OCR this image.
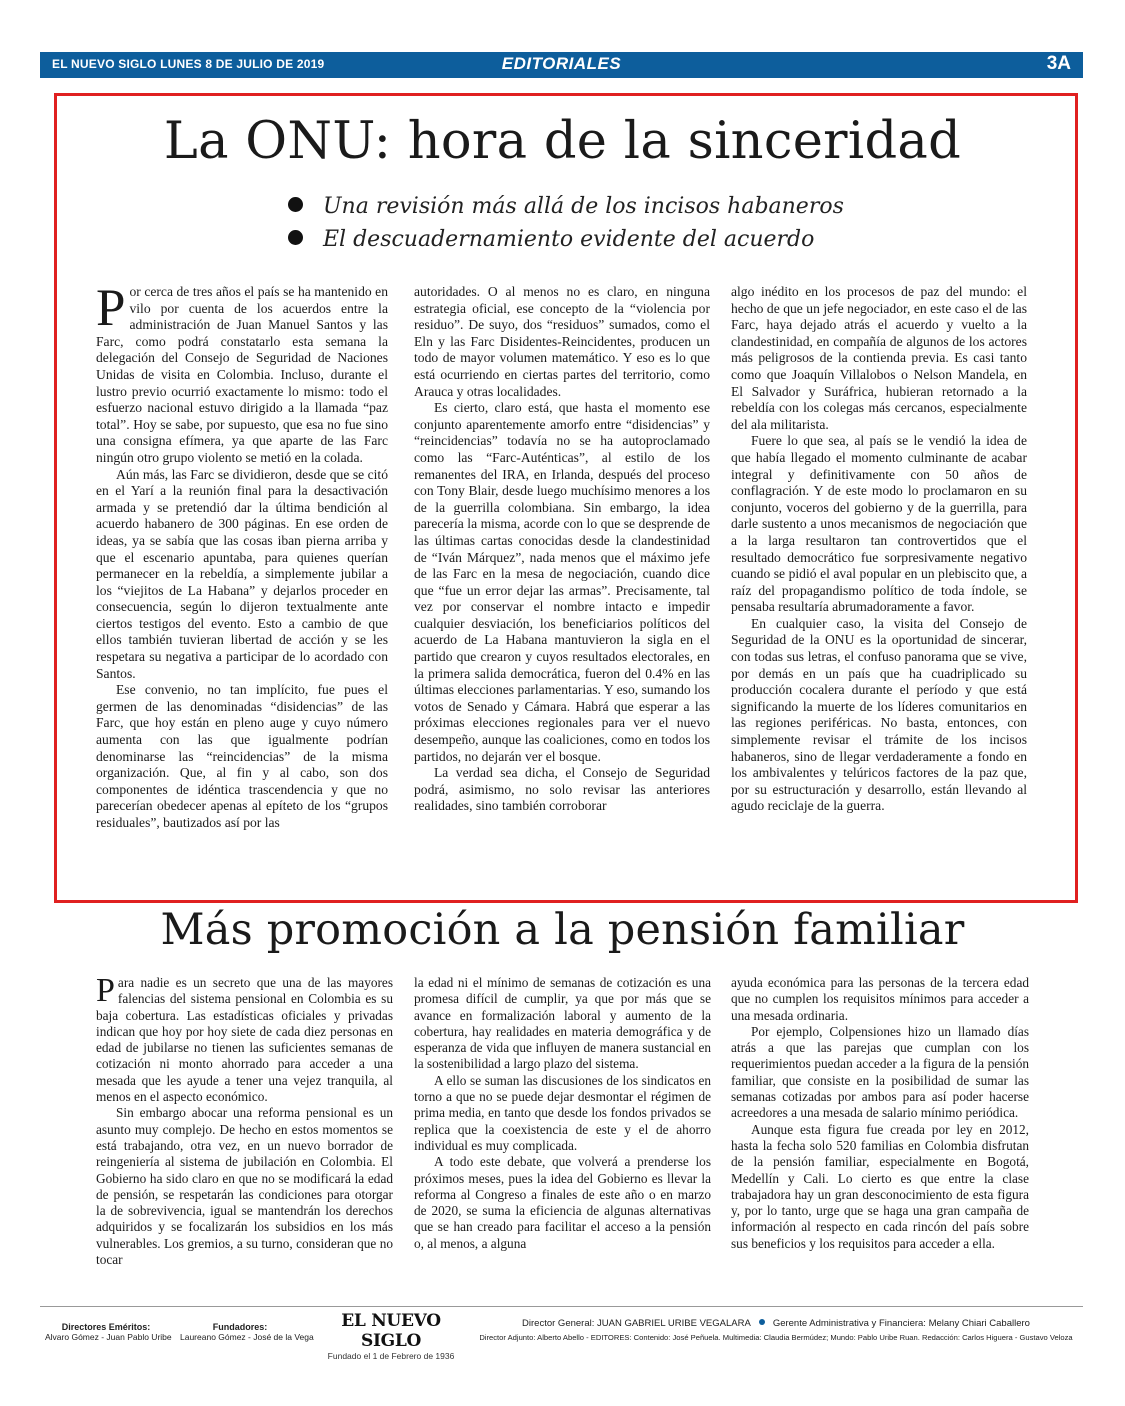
EL NUEVO SIGLO LUNES 8 DE JULIO DE 2019	EDITORIALES	3A
La ONU: hora de la sinceridad
Una revisión más allá de los incisos habaneros
El descuadernamiento evidente del acuerdo

Por cerca de tres años el país se ha mantenido en vilo por cuenta de los acuerdos entre la administración de Juan Manuel Santos y las Farc, como podrá constatarlo esta semana la delegación del Consejo de Seguridad de Naciones Unidas de visita en Colombia. Incluso, durante el lustro previo ocurrió exactamente lo mismo: todo el esfuerzo nacional estuvo dirigido a la llamada “paz total”. Hoy se sabe, por supuesto, que esa no fue sino una consigna efímera, ya que aparte de las Farc ningún otro grupo violento se metió en la colada.

Aún más, las Farc se dividieron, desde que se citó en el Yarí a la reunión final para la desactivación armada y se pretendió dar la última bendición al acuerdo habanero de 300 páginas. En ese orden de ideas, ya se sabía que las cosas iban pierna arriba y que el escenario apuntaba, para quienes querían permanecer en la rebeldía, a simplemente jubilar a los “viejitos de La Habana” y dejarlos proceder en consecuencia, según lo dijeron textualmente ante ciertos testigos del evento. Esto a cambio de que ellos también tuvieran libertad de acción y se les respetara su negativa a participar de lo acordado con Santos.

Ese convenio, no tan implícito, fue pues el germen de las denominadas “disidencias” de las Farc, que hoy están en pleno auge y cuyo número aumenta con las que igualmente podrían denominarse las “reincidencias” de la misma organización. Que, al fin y al cabo, son dos componentes de idéntica trascendencia y que no parecerían obedecer apenas al epíteto de los “grupos residuales”, bautizados así por las

autoridades. O al menos no es claro, en ninguna estrategia oficial, ese concepto de la “violencia por residuo”. De suyo, dos “residuos” sumados, como el Eln y las Farc Disidentes-Reincidentes, producen un todo de mayor volumen matemático. Y eso es lo que está ocurriendo en ciertas partes del territorio, como Arauca y otras localidades.

Es cierto, claro está, que hasta el momento ese conjunto aparentemente amorfo entre “disidencias” y “reincidencias” todavía no se ha autoproclamado como las “Farc-Auténticas”, al estilo de los remanentes del IRA, en Irlanda, después del proceso con Tony Blair, desde luego muchísimo menores a los de la guerrilla colombiana. Sin embargo, la idea parecería la misma, acorde con lo que se desprende de las últimas cartas conocidas desde la clandestinidad de “Iván Márquez”, nada menos que el máximo jefe de las Farc en la mesa de negociación, cuando dice que “fue un error dejar las armas”. Precisamente, tal vez por conservar el nombre intacto e impedir cualquier desviación, los beneficiarios políticos del acuerdo de La Habana mantuvieron la sigla en el partido que crearon y cuyos resultados electorales, en la primera salida democrática, fueron del 0.4% en las últimas elecciones parlamentarias. Y eso, sumando los votos de Senado y Cámara. Habrá que esperar a las próximas elecciones regionales para ver el nuevo desempeño, aunque las coaliciones, como en todos los partidos, no dejarán ver el bosque.

La verdad sea dicha, el Consejo de Seguridad podrá, asimismo, no solo revisar las anteriores realidades, sino también corroborar

algo inédito en los procesos de paz del mundo: el hecho de que un jefe negociador, en este caso el de las Farc, haya dejado atrás el acuerdo y vuelto a la clandestinidad, en compañía de algunos de los actores más peligrosos de la contienda previa. Es casi tanto como que Joaquín Villalobos o Nelson Mandela, en El Salvador y Suráfrica, hubieran retornado a la rebeldía con los colegas más cercanos, especialmente del ala militarista.

Fuere lo que sea, al país se le vendió la idea de que había llegado el momento culminante de acabar integral y definitivamente con 50 años de conflagración. Y de este modo lo proclamaron en su conjunto, voceros del gobierno y de la guerrilla, para darle sustento a unos mecanismos de negociación que a la larga resultaron tan controvertidos que el resultado democrático fue sorpresivamente negativo cuando se pidió el aval popular en un plebiscito que, a raíz del propagandismo político de toda índole, se pensaba resultaría abrumadoramente a favor.

En cualquier caso, la visita del Consejo de Seguridad de la ONU es la oportunidad de sincerar, con todas sus letras, el confuso panorama que se vive, por demás en un país que ha cuadriplicado su producción cocalera durante el período y que está significando la muerte de los líderes comunitarios en las regiones periféricas. No basta, entonces, con simplemente revisar el trámite de los incisos habaneros, sino de llegar verdaderamente a fondo en los ambivalentes y telúricos factores de la paz que, por su estructuración y desarrollo, están llevando al agudo reciclaje de la guerra.

Más promoción a la pensión familiar

Para nadie es un secreto que una de las mayores falencias del sistema pensional en Colombia es su baja cobertura. Las estadísticas oficiales y privadas indican que hoy por hoy siete de cada diez personas en edad de jubilarse no tienen las suficientes semanas de cotización ni monto ahorrado para acceder a una mesada que les ayude a tener una vejez tranquila, al menos en el aspecto económico.

Sin embargo abocar una reforma pensional es un asunto muy complejo. De hecho en estos momentos se está trabajando, otra vez, en un nuevo borrador de reingeniería al sistema de jubilación en Colombia. El Gobierno ha sido claro en que no se modificará la edad de pensión, se respetarán las condiciones para otorgar la de sobrevivencia, igual se mantendrán los derechos adquiridos y se focalizarán los subsidios en los más vulnerables. Los gremios, a su turno, consideran que no tocar

la edad ni el mínimo de semanas de cotización es una promesa difícil de cumplir, ya que por más que se avance en formalización laboral y aumento de la cobertura, hay realidades en materia demográfica y de esperanza de vida que influyen de manera sustancial en la sostenibilidad a largo plazo del sistema.

A ello se suman las discusiones de los sindicatos en torno a que no se puede dejar desmontar el régimen de prima media, en tanto que desde los fondos privados se replica que la coexistencia de este y el de ahorro individual es muy complicada.

A todo este debate, que volverá a prenderse los próximos meses, pues la idea del Gobierno es llevar la reforma al Congreso a finales de este año o en marzo de 2020, se suma la eficiencia de algunas alternativas que se han creado para facilitar el acceso a la pensión o, al menos, a alguna

ayuda económica para las personas de la tercera edad que no cumplen los requisitos mínimos para acceder a una mesada ordinaria.

Por ejemplo, Colpensiones hizo un llamado días atrás a que las parejas que cumplan con los requerimientos puedan acceder a la figura de la pensión familiar, que consiste en la posibilidad de sumar las semanas cotizadas por ambos para así poder hacerse acreedores a una mesada de salario mínimo periódica.

Aunque esta figura fue creada por ley en 2012, hasta la fecha solo 520 familias en Colombia disfrutan de la pensión familiar, especialmente en Bogotá, Medellín y Cali. Lo cierto es que entre la clase trabajadora hay un gran desconocimiento de esta figura y, por lo tanto, urge que se haga una gran campaña de información al respecto en cada rincón del país sobre sus beneficios y los requisitos para acceder a ella.

Directores Eméritos:
Alvaro Gómez - Juan Pablo Uribe
Fundadores:
Laureano Gómez - José de la Vega
EL NUEVO SIGLO
Fundado el 1 de Febrero de 1936
Director General: JUAN GABRIEL URIBE VEGALARA Gerente Administrativa y Financiera: Melany Chiari Caballero
Director Adjunto: Alberto Abello - EDITORES: Contenido: José Peñuela. Multimedia: Claudia Bermúdez; Mundo: Pablo Uribe Ruan. Redacción: Carlos Higuera - Gustavo Veloza
